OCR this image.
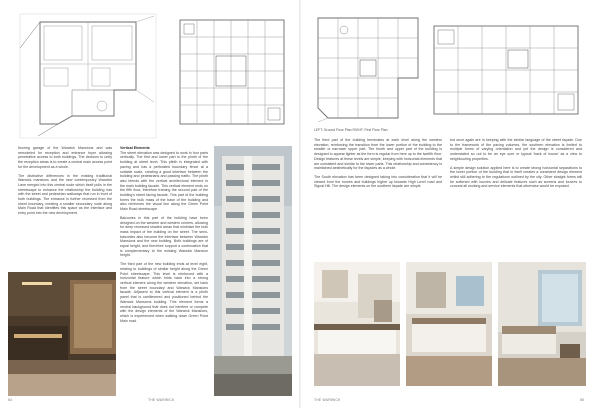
flooring garage of the Warwick Mansions and was remodeled for reception and entrance foyer allowing penetrative access to both buildings. The decision to unify the reception areas is to create a central main access point for the development as a whole.

The distinctive differences in the existing traditional Warwick mansions and the new contemporary Warwick Lane merged into this central node which itself pulls in the streetscape to enhance the relationship the building has with the street and pedestrian walkways that run in front of both buildings. The entrance is further recessed from the street boundary, creating a smaller secondary node along Main Road that identifies this space as the interface and entry point into the new development.

Vertical Elements
The street elevation was designed to work in four parts vertically. The first and lower part is the plinth of the building at street level. This plinth is integrated with paving and has a perforated boundary fence at a suitable scale, creating a good interface between the building and pedestrians and passing traffic. The plinth also blends with the vertical architectural element in the main building facade. This vertical element ends on the fifth floor, therefore framing the second part of the building's street facing facade. This part of the building forms the bulk mass of the base of the building and also reinforces the visual line along the Green Point Main Road streetscape.

Balconies in this part of the building have been designed on the western and western corners, allowing for deep recessed shaded areas that minimise the bulk mass impact of the building on the street. The semi-balconies also become the interface between Warwick Mansions and the new building. Both buildings are of equal height, and therefore support a continuation that is complementary to the existing Warwick Mansion height.

The third part of the new building ends at level eight, relating to buildings of similar height along the Green Point streetscape. This level is reinforced with a horizontal feature which folds back into a strong vertical element along the western elevation, set back from the street boundary and Warwick Mansions facade. Adjacent to this vertical element is a plinth panel that is cantilevered and positioned behind the Warwick Mansions building. This element forms a neutral background that does not interfere or compete with the design elements of the Warwick Mansions, which is experienced when walking down Green Point Main road.

84	THE WARWICK
LEFT: Ground Floor Plan RIGHT: First Floor Plan

The third part of the building terminates at each level along the western elevation, reinforcing the transition from the lower portion of the building to the smaller or narrower upper part. The fourth and upper part of the building is designed to appear lighter as the form is regular from here up to the twelfth floor. Design features at these levels are simple, keeping with horizontal elements that are consistent and similar to the lower parts. This relationship and consistency is maintained aesthetically for the façades as a whole.

The South elevation has been designed taking into consideration that it will be viewed from the homes and buildings higher up towards High Level road and Signal Hill. The design elements on the southern façade are simple

but once again are in keeping with the similar language of the street façade. Due to the framework of the paving volumes, the southern elevation is limited to multiple forms of varying orientation and yet the design is considered and understated so not to be an eye sore or typical 'back of house' as a view to neighbouring properties.

A simple design solution applied here is to create strong horizontal separations to the lower portion of the building that in itself creates a consistent design element whilst still adhering to the regulations outlined by the city. Other straight forms will be softened with louvres and delicate features such as screens and louvres to conceal all working and service elements that otherwise would be exposed.

THE WARWICK	85
